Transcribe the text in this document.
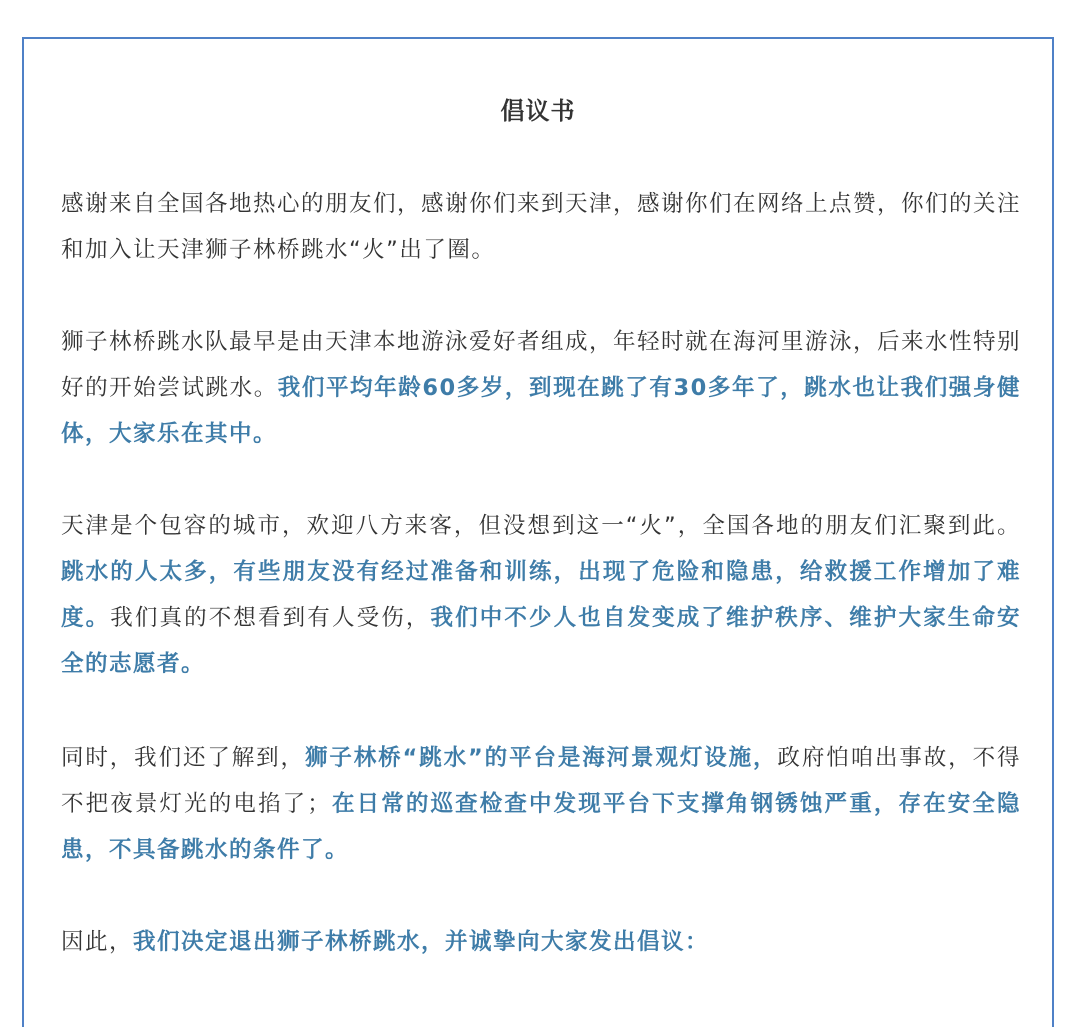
倡议书

感谢来自全国各地热心的朋友们，感谢你们来到天津，感谢你们在网络上点赞，你们的关注和加入让天津狮子林桥跳水“火”出了圈。

狮子林桥跳水队最早是由天津本地游泳爱好者组成，年轻时就在海河里游泳，后来水性特别好的开始尝试跳水。我们平均年龄60多岁，到现在跳了有30多年了，跳水也让我们强身健体，大家乐在其中。

天津是个包容的城市，欢迎八方来客，但没想到这一“火”，全国各地的朋友们汇聚到此。跳水的人太多，有些朋友没有经过准备和训练，出现了危险和隐患，给救援工作增加了难度。我们真的不想看到有人受伤，我们中不少人也自发变成了维护秩序、维护大家生命安全的志愿者。

同时，我们还了解到，狮子林桥“跳水”的平台是海河景观灯设施，政府怕咱出事故，不得不把夜景灯光的电掐了；在日常的巡查检查中发现平台下支撑角钢锈蚀严重，存在安全隐患，不具备跳水的条件了。

因此，我们决定退出狮子林桥跳水，并诚挚向大家发出倡议：
